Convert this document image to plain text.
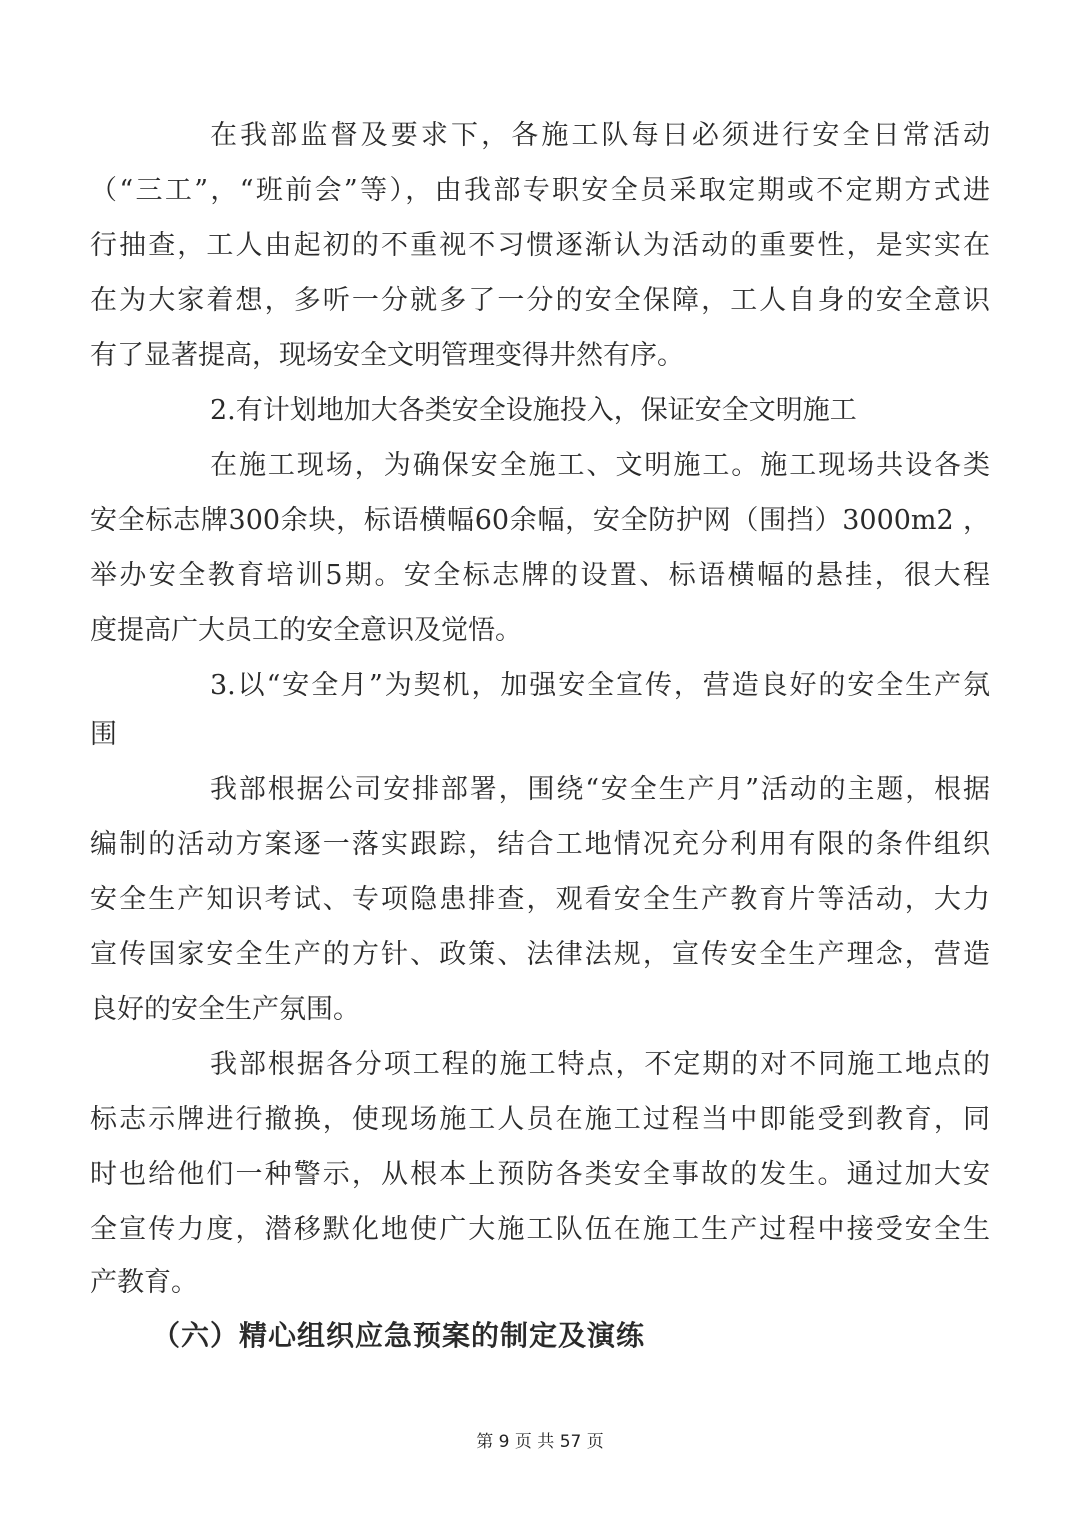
在我部监督及要求下，各施工队每日必须进行安全日常活动
（“三工”，“班前会”等），由我部专职安全员采取定期或不定期方式进
行抽查，工人由起初的不重视不习惯逐渐认为活动的重要性，是实实在
在为大家着想，多听一分就多了一分的安全保障，工人自身的安全意识
有了显著提高，现场安全文明管理变得井然有序。
2.有计划地加大各类安全设施投入，保证安全文明施工
在施工现场，为确保安全施工、文明施工。施工现场共设各类
安全标志牌300余块，标语横幅60余幅，安全防护网（围挡）3000m2 ，
举办安全教育培训5期。安全标志牌的设置、标语横幅的悬挂，很大程
度提高广大员工的安全意识及觉悟。
3.以“安全月”为契机，加强安全宣传，营造良好的安全生产氛
围
我部根据公司安排部署，围绕“安全生产月”活动的主题，根据
编制的活动方案逐一落实跟踪，结合工地情况充分利用有限的条件组织
安全生产知识考试、专项隐患排查，观看安全生产教育片等活动，大力
宣传国家安全生产的方针、政策、法律法规，宣传安全生产理念，营造
良好的安全生产氛围。
我部根据各分项工程的施工特点，不定期的对不同施工地点的
标志示牌进行撤换，使现场施工人员在施工过程当中即能受到教育，同
时也给他们一种警示，从根本上预防各类安全事故的发生。通过加大安
全宣传力度，潜移默化地使广大施工队伍在施工生产过程中接受安全生
产教育。
（六）精心组织应急预案的制定及演练
第 9 页 共 57 页
